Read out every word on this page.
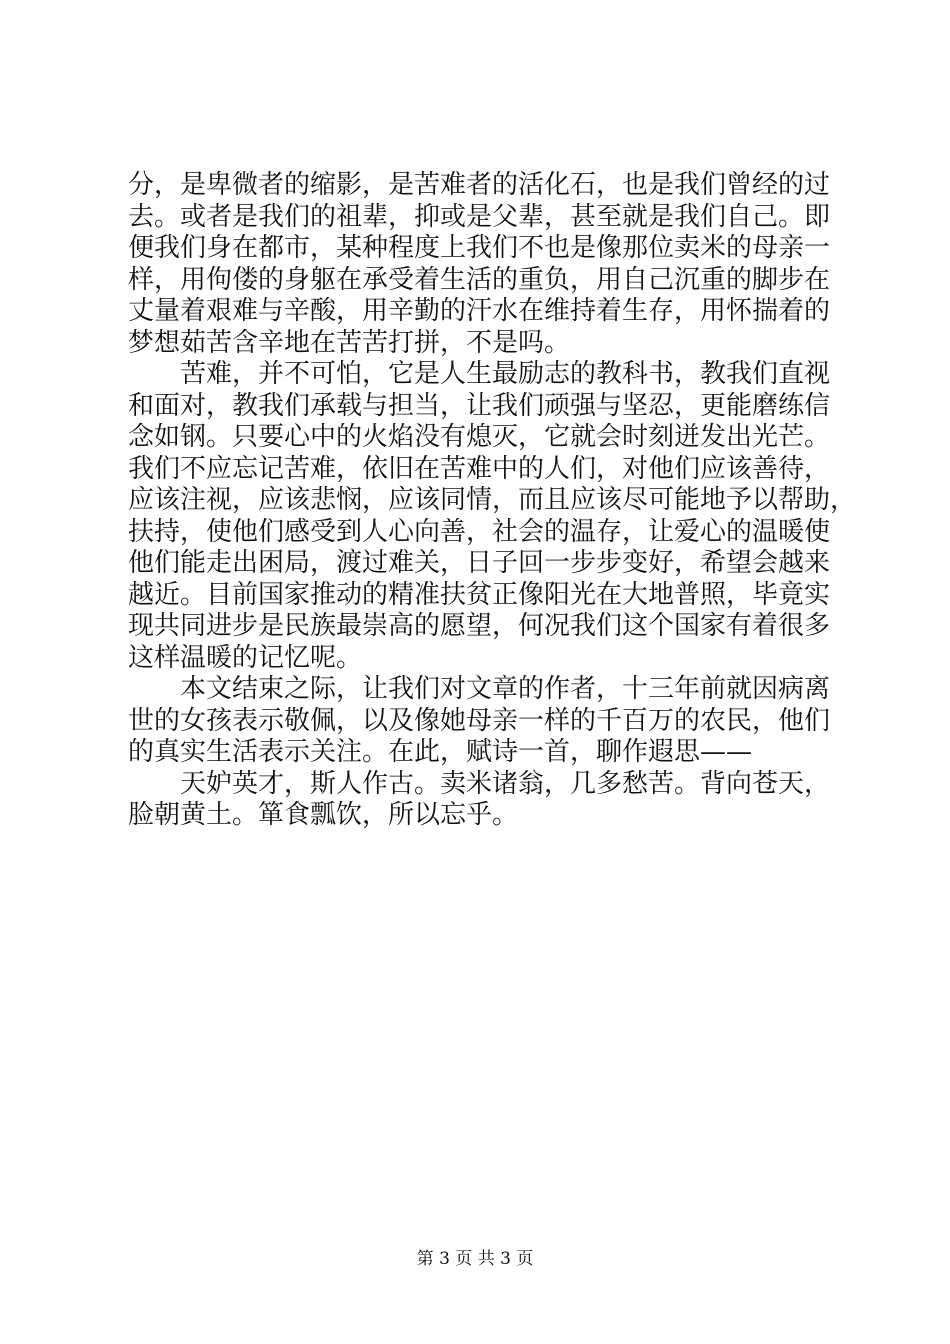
分，是卑微者的缩影，是苦难者的活化石，也是我们曾经的过
去。或者是我们的祖辈，抑或是父辈，甚至就是我们自己。即
便我们身在都市，某种程度上我们不也是像那位卖米的母亲一
样，用佝偻的身躯在承受着生活的重负，用自己沉重的脚步在
丈量着艰难与辛酸，用辛勤的汗水在维持着生存，用怀揣着的
梦想茹苦含辛地在苦苦打拼，不是吗。
苦难，并不可怕，它是人生最励志的教科书，教我们直视
和面对，教我们承载与担当，让我们顽强与坚忍，更能磨练信
念如钢。只要心中的火焰没有熄灭，它就会时刻迸发出光芒。
我们不应忘记苦难，依旧在苦难中的人们，对他们应该善待，
应该注视，应该悲悯，应该同情，而且应该尽可能地予以帮助，
扶持，使他们感受到人心向善，社会的温存，让爱心的温暖使
他们能走出困局，渡过难关，日子回一步步变好，希望会越来
越近。目前国家推动的精准扶贫正像阳光在大地普照，毕竟实
现共同进步是民族最崇高的愿望，何况我们这个国家有着很多
这样温暖的记忆呢。
本文结束之际，让我们对文章的作者，十三年前就因病离
世的女孩表示敬佩，以及像她母亲一样的千百万的农民，他们
的真实生活表示关注。在此，赋诗一首，聊作遐思——
天妒英才，斯人作古。卖米诸翁，几多愁苦。背向苍天，
脸朝黄土。箪食瓢饮，所以忘乎。
第 3 页 共 3 页
